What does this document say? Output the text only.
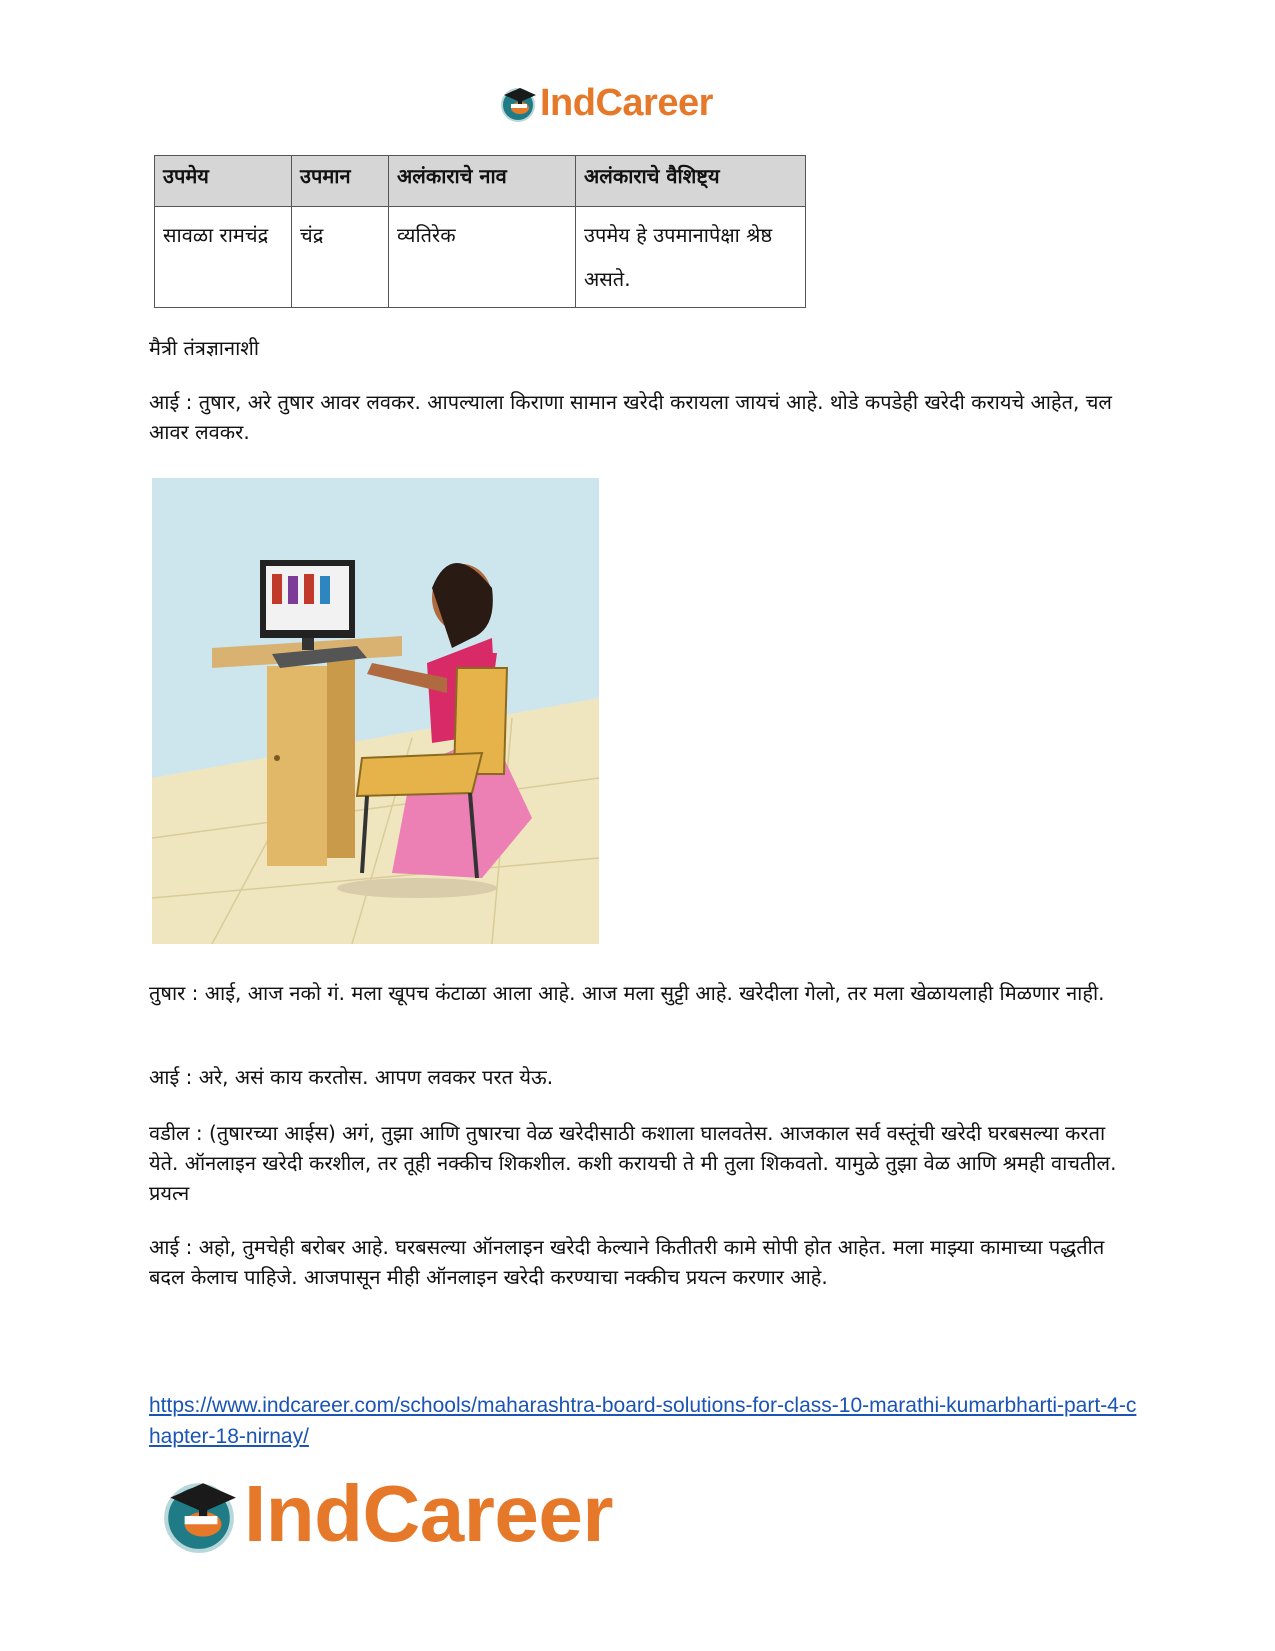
IndCareer
उपमेय	उपमान	अलंकाराचे नाव	अलंकाराचे वैशिष्ट्य
सावळा रामचंद्र	चंद्र	व्यतिरेक	उपमेय हे उपमानापेक्षा श्रेष्ठ असते.

मैत्री तंत्रज्ञानाशी

आई : तुषार, अरे तुषार आवर लवकर. आपल्याला किराणा सामान खरेदी करायला जायचं आहे. थोडे कपडेही खरेदी करायचे आहेत, चल आवर लवकर.

तुषार : आई, आज नको गं. मला खूपच कंटाळा आला आहे. आज मला सुट्टी आहे. खरेदीला गेलो, तर मला खेळायलाही मिळणार नाही.

आई : अरे, असं काय करतोस. आपण लवकर परत येऊ.

वडील : (तुषारच्या आईस) अगं, तुझा आणि तुषारचा वेळ खरेदीसाठी कशाला घालवतेस. आजकाल सर्व वस्तूंची खरेदी घरबसल्या करता येते. ऑनलाइन खरेदी करशील, तर तूही नक्कीच शिकशील. कशी करायची ते मी तुला शिकवतो. यामुळे तुझा वेळ आणि श्रमही वाचतील. प्रयत्न

आई : अहो, तुमचेही बरोबर आहे. घरबसल्या ऑनलाइन खरेदी केल्याने कितीतरी कामे सोपी होत आहेत. मला माझ्या कामाच्या पद्धतीत बदल केलाच पाहिजे. आजपासून मीही ऑनलाइन खरेदी करण्याचा नक्कीच प्रयत्न करणार आहे.

https://www.indcareer.com/schools/maharashtra-board-solutions-for-class-10-marathi-kumarbharti-part-4-chapter-18-nirnay/
IndCareer
